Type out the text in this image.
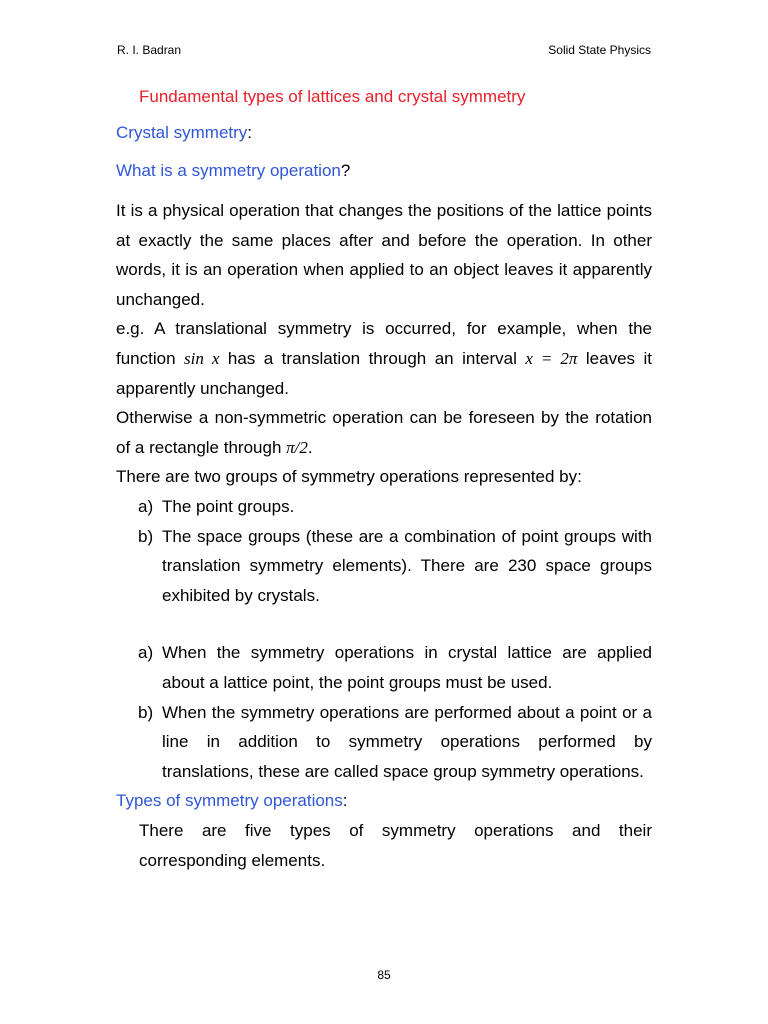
R. I. Badran	Solid State Physics
Fundamental types of lattices and crystal symmetry
Crystal symmetry:
What is a symmetry operation?

It is a physical operation that changes the positions of the lattice points at exactly the same places after and before the operation. In other words, it is an operation when applied to an object leaves it apparently unchanged.

e.g. A translational symmetry is occurred, for example, when the function sin x has a translation through an interval x = 2π leaves it apparently unchanged.

Otherwise a non-symmetric operation can be foreseen by the rotation of a rectangle through π/2.

There are two groups of symmetry operations represented by:

a) The point groups.
b) The space groups (these are a combination of point groups with translation symmetry elements). There are 230 space groups exhibited by crystals.
a) When the symmetry operations in crystal lattice are applied about a lattice point, the point groups must be used.
b) When the symmetry operations are performed about a point or a line in addition to symmetry operations performed by translations, these are called space group symmetry operations.
Types of symmetry operations:

There are five types of symmetry operations and their corresponding elements.

85
